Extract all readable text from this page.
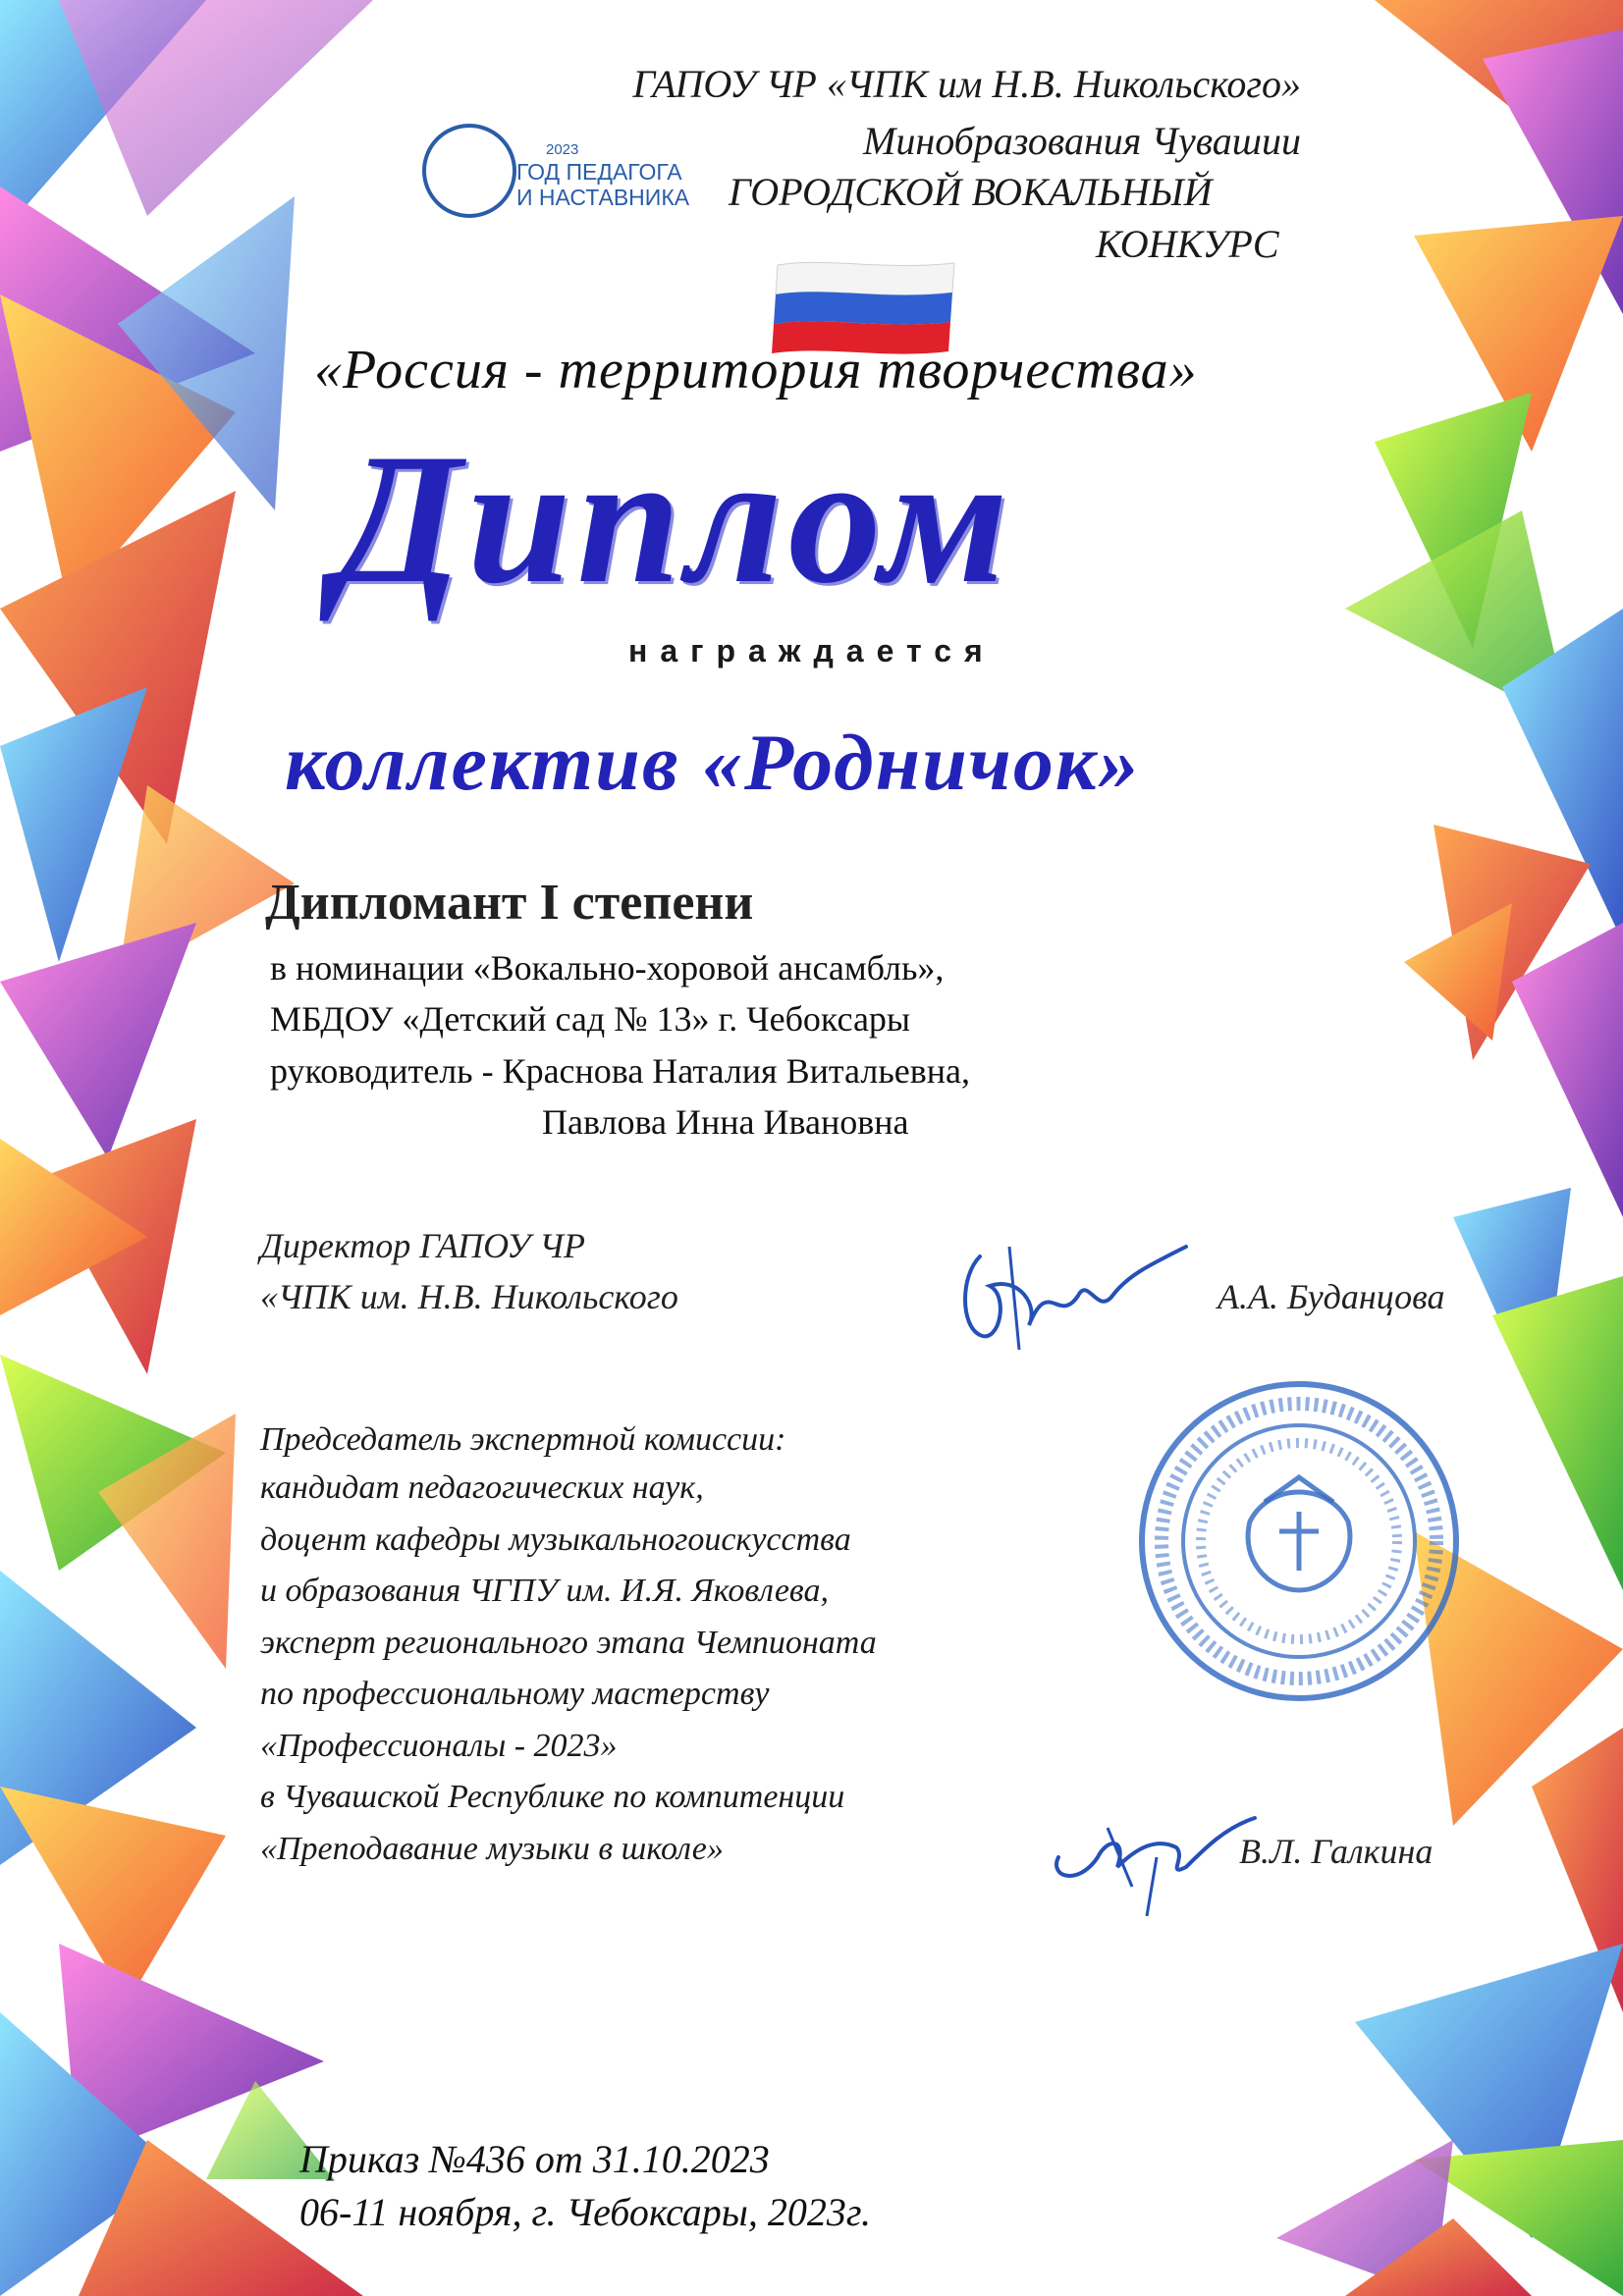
ГАПОУ ЧР «ЧПК им Н.В. Никольского»
Минобразования Чувашии
ГОРОДСКОЙ ВОКАЛЬНЫЙ
КОНКУРС
2023
ГОД ПЕДАГОГА
И НАСТАВНИКА
«Россия - территория творчества»
Диплом
награждается
коллектив «Родничок»
Дипломант I степени
в номинации «Вокально-хоровой ансамбль»,
МБДОУ «Детский сад № 13» г. Чебоксары
руководитель - Краснова Наталия Витальевна,
Павлова Инна Ивановна
Директор ГАПОУ ЧР
«ЧПК им. Н.В. Никольского	А.А. Буданцова
Председатель экспертной комиссии:
кандидат педагогических наук,
доцент кафедры музыкальногоискусства
и образования ЧГПУ им. И.Я. Яковлева,
эксперт регионального этапа Чемпионата
по профессиональному мастерству
«Профессионалы - 2023»
в Чувашской Республике по компитенции
«Преподавание музыки в школе»	В.Л. Галкина
Приказ №436 от 31.10.2023
06-11 ноября, г. Чебоксары, 2023г.
